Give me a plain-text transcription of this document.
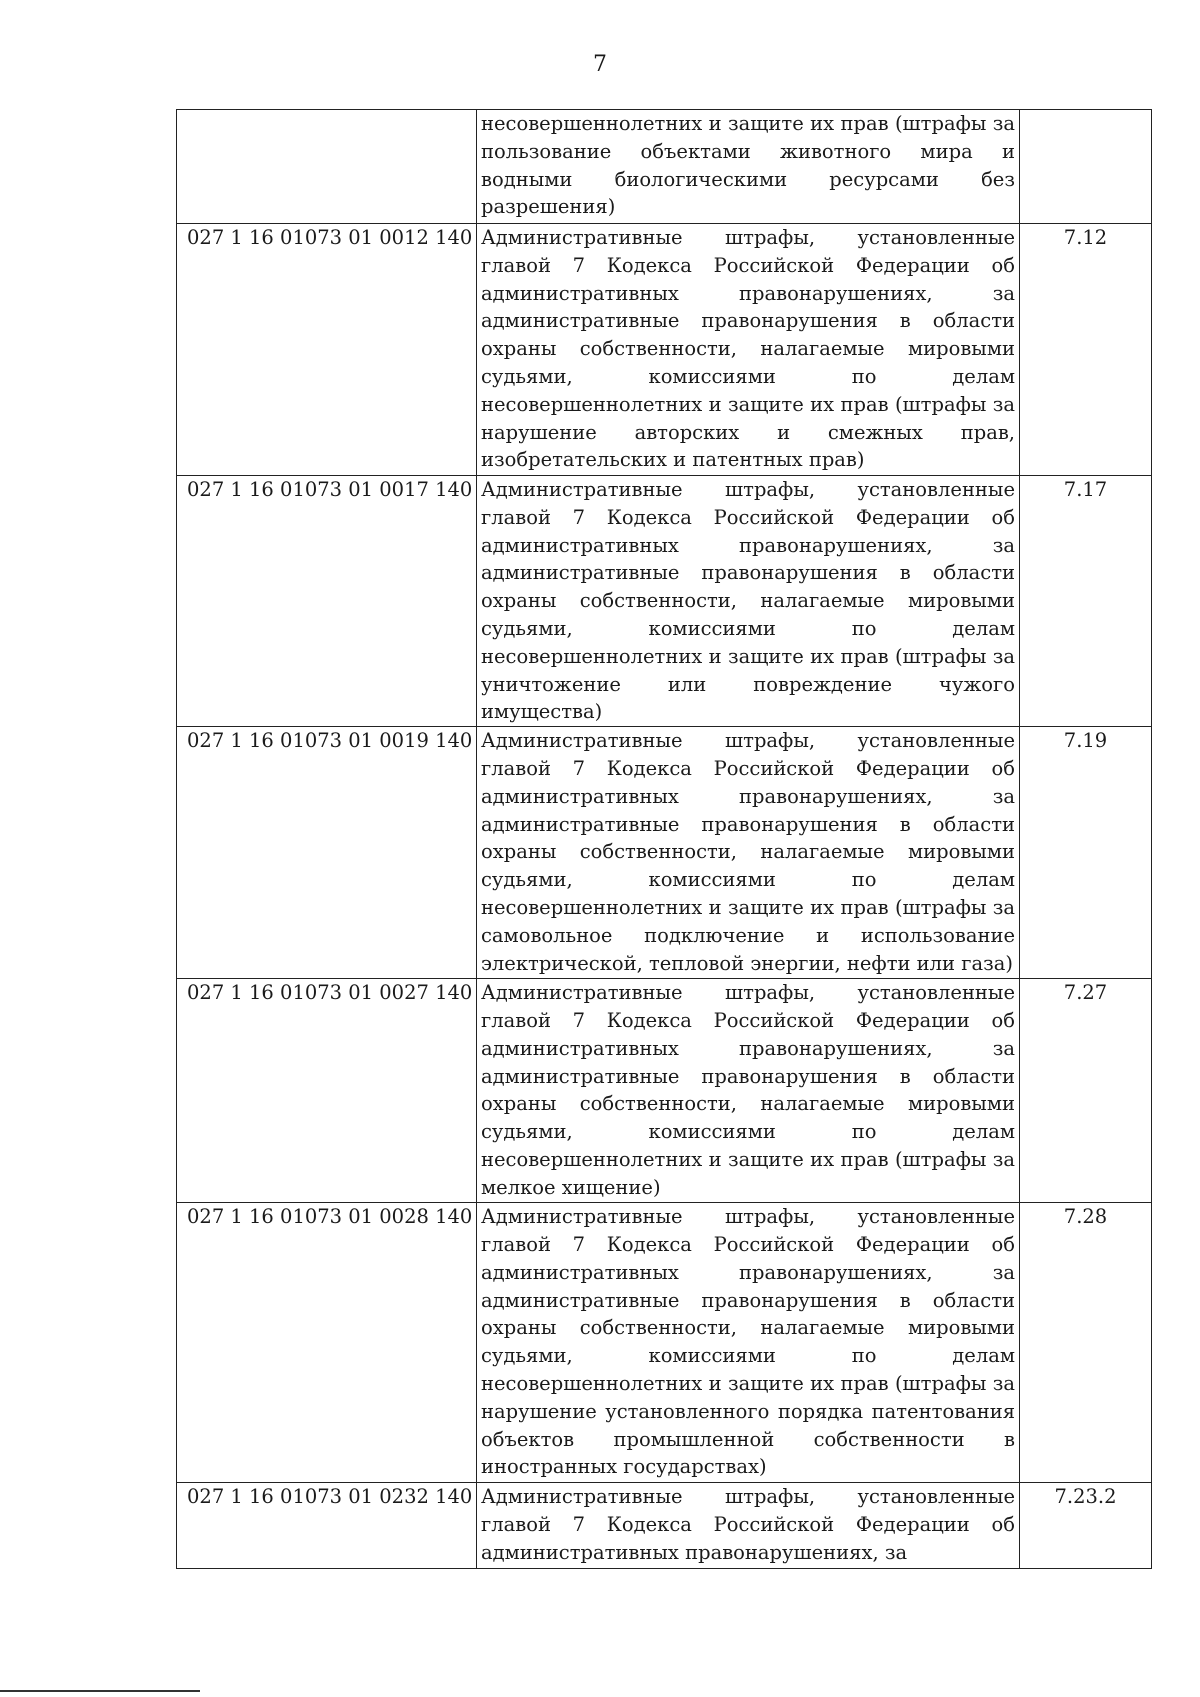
7
	несовершеннолетних и защите их прав (штрафы за пользование объектами животного мира и водными биологическими ресурсами без разрешения)	
027 1 16 01073 01 0012 140	Административные штрафы, установленные главой 7 Кодекса Российской Федерации об административных правонарушениях, за административные правонарушения в области охраны собственности, налагаемые мировыми судьями, комиссиями по делам несовершеннолетних и защите их прав (штрафы за нарушение авторских и смежных прав, изобретательских и патентных прав)	7.12
027 1 16 01073 01 0017 140	Административные штрафы, установленные главой 7 Кодекса Российской Федерации об административных правонарушениях, за административные правонарушения в области охраны собственности, налагаемые мировыми судьями, комиссиями по делам несовершеннолетних и защите их прав (штрафы за уничтожение или повреждение чужого имущества)	7.17
027 1 16 01073 01 0019 140	Административные штрафы, установленные главой 7 Кодекса Российской Федерации об административных правонарушениях, за административные правонарушения в области охраны собственности, налагаемые мировыми судьями, комиссиями по делам несовершеннолетних и защите их прав (штрафы за самовольное подключение и использование электрической, тепловой энергии, нефти или газа)	7.19
027 1 16 01073 01 0027 140	Административные штрафы, установленные главой 7 Кодекса Российской Федерации об административных правонарушениях, за административные правонарушения в области охраны собственности, налагаемые мировыми судьями, комиссиями по делам несовершеннолетних и защите их прав (штрафы за мелкое хищение)	7.27
027 1 16 01073 01 0028 140	Административные штрафы, установленные главой 7 Кодекса Российской Федерации об административных правонарушениях, за административные правонарушения в области охраны собственности, налагаемые мировыми судьями, комиссиями по делам несовершеннолетних и защите их прав (штрафы за нарушение установленного порядка патентования объектов промышленной собственности в иностранных государствах)	7.28
027 1 16 01073 01 0232 140	Административные штрафы, установленные главой 7 Кодекса Российской Федерации об административных правонарушениях, за	7.23.2
